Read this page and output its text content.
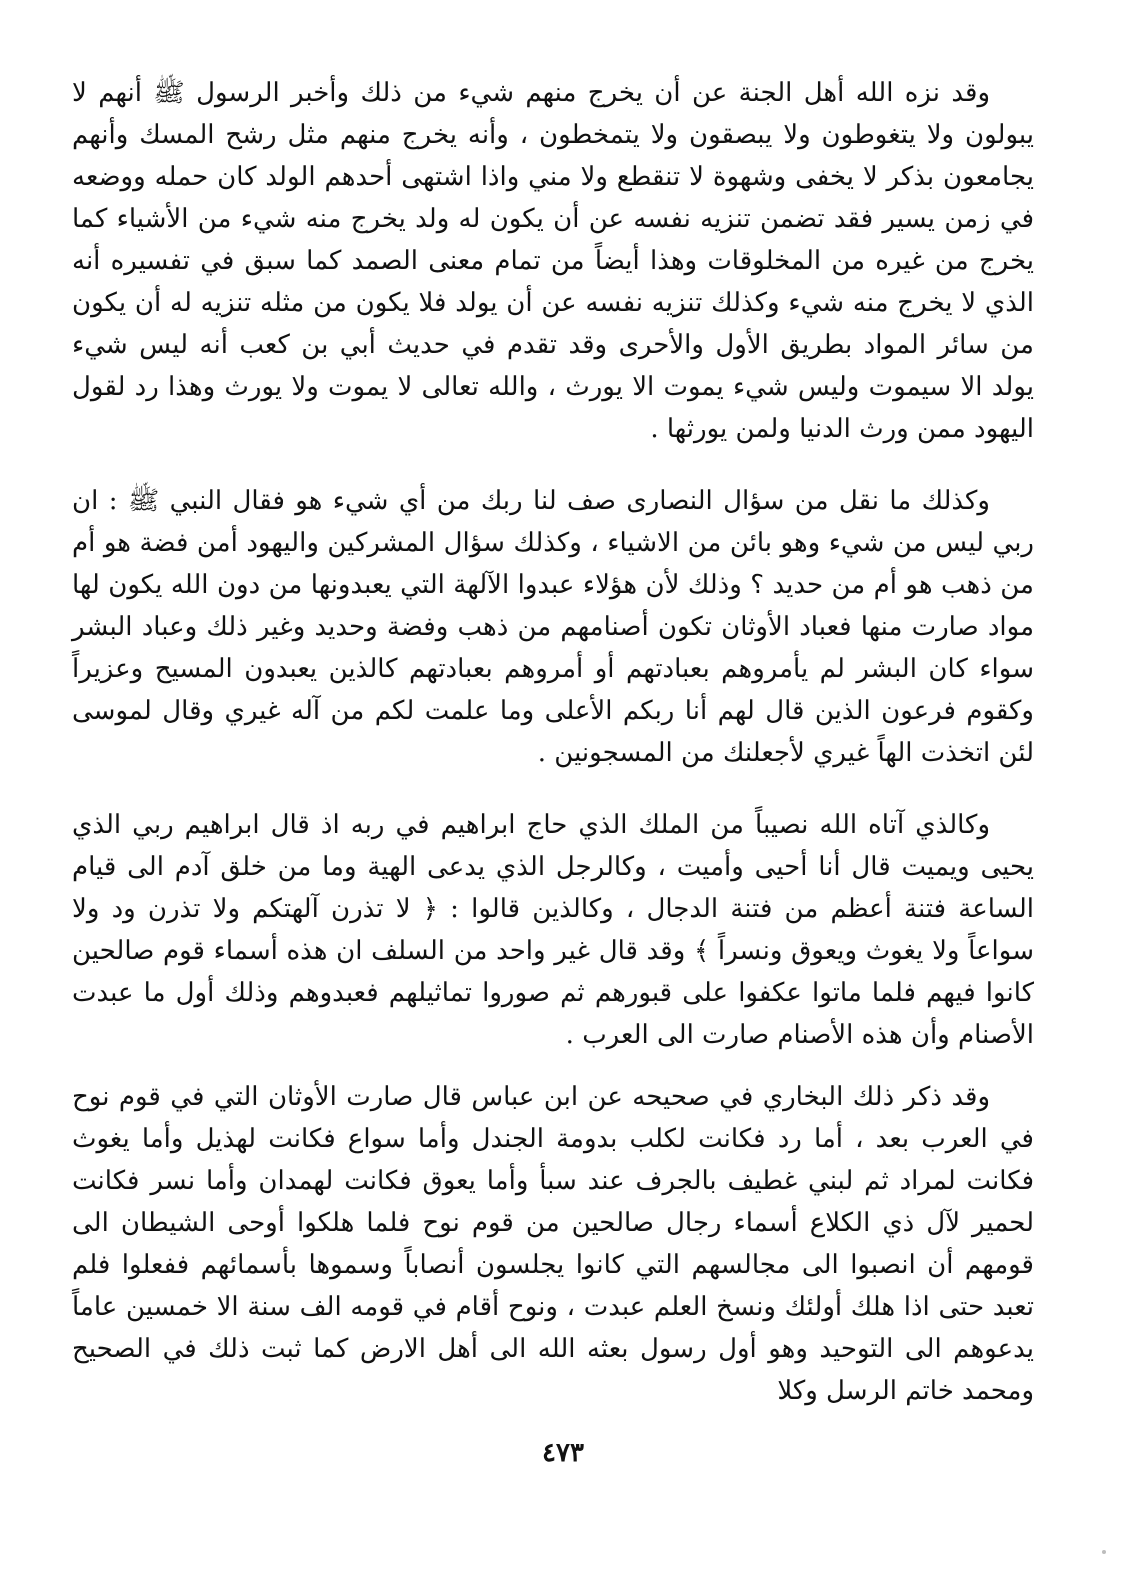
وقد نزه الله أهل الجنة عن أن يخرج منهم شيء من ذلك وأخبر الرسول ﷺ أنهم لا يبولون ولا يتغوطون ولا يبصقون ولا يتمخطون ، وأنه يخرج منهم مثل رشح المسك وأنهم يجامعون بذكر لا يخفى وشهوة لا تنقطع ولا مني واذا اشتهى أحدهم الولد كان حمله ووضعه في زمن يسير فقد تضمن تنزيه نفسه عن أن يكون له ولد يخرج منه شيء من الأشياء كما يخرج من غيره من المخلوقات وهذا أيضاً من تمام معنى الصمد كما سبق في تفسيره أنه الذي لا يخرج منه شيء وكذلك تنزيه نفسه عن أن يولد فلا يكون من مثله تنزيه له أن يكون من سائر المواد بطريق الأول والأحرى وقد تقدم في حديث أبي بن كعب أنه ليس شيء يولد الا سيموت وليس شيء يموت الا يورث ، والله تعالى لا يموت ولا يورث وهذا رد لقول اليهود ممن ورث الدنيا ولمن يورثها .

وكذلك ما نقل من سؤال النصارى صف لنا ربك من أي شيء هو فقال النبي ﷺ : ان ربي ليس من شيء وهو بائن من الاشياء ، وكذلك سؤال المشركين واليهود أمن فضة هو أم من ذهب هو أم من حديد ؟ وذلك لأن هؤلاء عبدوا الآلهة التي يعبدونها من دون الله يكون لها مواد صارت منها فعباد الأوثان تكون أصنامهم من ذهب وفضة وحديد وغير ذلك وعباد البشر سواء كان البشر لم يأمروهم بعبادتهم أو أمروهم بعبادتهم كالذين يعبدون المسيح وعزيراً وكقوم فرعون الذين قال لهم أنا ربكم الأعلى وما علمت لكم من آله غيري وقال لموسى لئن اتخذت الهاً غيري لأجعلنك من المسجونين .

وكالذي آتاه الله نصيباً من الملك الذي حاج ابراهيم في ربه اذ قال ابراهيم ربي الذي يحيى ويميت قال أنا أحيى وأميت ، وكالرجل الذي يدعى الهية وما من خلق آدم الى قيام الساعة فتنة أعظم من فتنة الدجال ، وكالذين قالوا : ﴿ لا تذرن آلهتكم ولا تذرن ود ولا سواعاً ولا يغوث ويعوق ونسراً ﴾ وقد قال غير واحد من السلف ان هذه أسماء قوم صالحين كانوا فيهم فلما ماتوا عكفوا على قبورهم ثم صوروا تماثيلهم فعبدوهم وذلك أول ما عبدت الأصنام وأن هذه الأصنام صارت الى العرب .

وقد ذكر ذلك البخاري في صحيحه عن ابن عباس قال صارت الأوثان التي في قوم نوح في العرب بعد ، أما رد فكانت لكلب بدومة الجندل وأما سواع فكانت لهذيل وأما يغوث فكانت لمراد ثم لبني غطيف بالجرف عند سبأ وأما يعوق فكانت لهمدان وأما نسر فكانت لحمير لآل ذي الكلاع أسماء رجال صالحين من قوم نوح فلما هلكوا أوحى الشيطان الى قومهم أن انصبوا الى مجالسهم التي كانوا يجلسون أنصاباً وسموها بأسمائهم ففعلوا فلم تعبد حتى اذا هلك أولئك ونسخ العلم عبدت ، ونوح أقام في قومه الف سنة الا خمسين عاماً يدعوهم الى التوحيد وهو أول رسول بعثه الله الى أهل الارض كما ثبت ذلك في الصحيح ومحمد خاتم الرسل وكلا

٤٧٣
